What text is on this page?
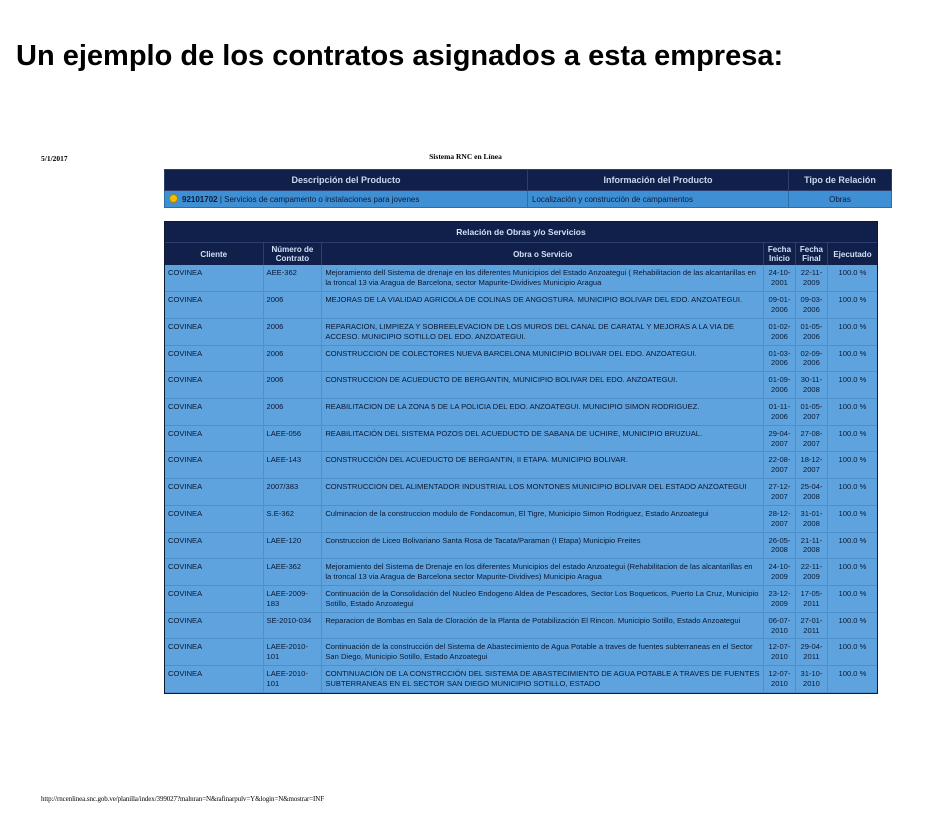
Un ejemplo de los contratos asignados a esta empresa:
5/1/2017	Sistema RNC en Línea
Descripción del Producto	Información del Producto	Tipo de Relación
92101702 | Servicios de campamento o instalaciones para jovenes	Localización y construcción de campamentos	Obras
Relación de Obras y/o Servicios
Cliente	Número de Contrato	Obra o Servicio	Fecha Inicio	Fecha Final	Ejecutado
COVINEA	AEE-362	Mejoramiento dell Sistema de drenaje en los diferentes Municipios del Estado Anzoategui ( Rehabilitacion de las alcantarillas en la troncal 13 via Aragua de Barcelona, sector Mapurite-Dividives Municipio Aragua	24-10-2001	22-11-2009	100.0 %
COVINEA	2006	MEJORAS DE LA VIALIDAD AGRICOLA DE COLINAS DE ANGOSTURA. MUNICIPIO BOLIVAR DEL EDO. ANZOATEGUI.	09-01-2006	09-03-2006	100.0 %
COVINEA	2006	REPARACION, LIMPIEZA Y SOBREELEVACION DE LOS MUROS DEL CANAL DE CARATAL Y MEJORAS A LA VIA DE ACCESO. MUNICIPIO SOTILLO DEL EDO. ANZOATEGUI.	01-02-2006	01-05-2006	100.0 %
COVINEA	2006	CONSTRUCCION DE COLECTORES NUEVA BARCELONA MUNICIPIO BOLIVAR DEL EDO. ANZOATEGUI.	01-03-2006	02-09-2006	100.0 %
COVINEA	2006	CONSTRUCCION DE ACUEDUCTO DE BERGANTIN, MUNICIPIO BOLIVAR DEL EDO. ANZOATEGUI.	01-09-2006	30-11-2008	100.0 %
COVINEA	2006	REABILITACION DE LA ZONA 5 DE LA POLICIA DEL EDO. ANZOATEGUI. MUNICIPIO SIMON RODRIGUEZ.	01-11-2006	01-05-2007	100.0 %
COVINEA	LAEE-056	REABILITACIÓN DEL SISTEMA POZOS DEL ACUEDUCTO DE SABANA DE UCHIRE, MUNICIPIO BRUZUAL.	29-04-2007	27-08-2007	100.0 %
COVINEA	LAEE-143	CONSTRUCCIÓN DEL ACUEDUCTO DE BERGANTIN, II ETAPA. MUNICIPIO BOLIVAR.	22-08-2007	18-12-2007	100.0 %
COVINEA	2007/383	CONSTRUCCION DEL ALIMENTADOR INDUSTRIAL LOS MONTONES MUNICIPIO BOLIVAR DEL ESTADO ANZOATEGUI	27-12-2007	25-04-2008	100.0 %
COVINEA	S.E-362	Culminacion de la construccion modulo de Fondacomun, El Tigre, Municipio Simon Rodriguez, Estado Anzoategui	28-12-2007	31-01-2008	100.0 %
COVINEA	LAEE-120	Construccion de Liceo Bolivariano Santa Rosa de Tacata/Paraman (I Etapa) Municipio Freites	26-05-2008	21-11-2008	100.0 %
COVINEA	LAEE-362	Mejoramiento del Sistema de Drenaje en los diferentes Municipios del estado Anzoategui (Rehabilitacion de las alcantarillas en la troncal 13 via Aragua de Barcelona sector Mapurite-Dividives) Municipio Aragua	24-10-2009	22-11-2009	100.0 %
COVINEA	LAEE-2009-183	Continuación de la Consolidación del Nucleo Endogeno Aldea de Pescadores, Sector Los Boqueticos, Puerto La Cruz, Municipio Sotillo, Estado Anzoategui	23-12-2009	17-05-2011	100.0 %
COVINEA	SE-2010-034	Reparacion de Bombas en Sala de Cloración de la Planta de Potabilización El Rincon. Municipio Sotillo, Estado Anzoategui	06-07-2010	27-01-2011	100.0 %
COVINEA	LAEE-2010-101	Continuación de la construcción del Sistema de Abastecimiento de Agua Potable a traves de fuentes subterraneas en el Sector San Diego, Municipio Sotillo, Estado Anzoategui	12-07-2010	29-04-2011	100.0 %
COVINEA	LAEE-2010-101	CONTINUACIÓN DE LA CONSTRCCIÓN DEL SISTEMA DE ABASTECIMIENTO DE AGUA POTABLE A TRAVES DE FUENTES SUBTERRANEAS EN EL SECTOR SAN DIEGO MUNICIPIO SOTILLO, ESTADO	12-07-2010	31-10-2010	100.0 %
http://rncenlinea.snc.gob.ve/planilla/index/399027?malnran=N&rafinarpulv=Y&login=N&mostrar=INF
